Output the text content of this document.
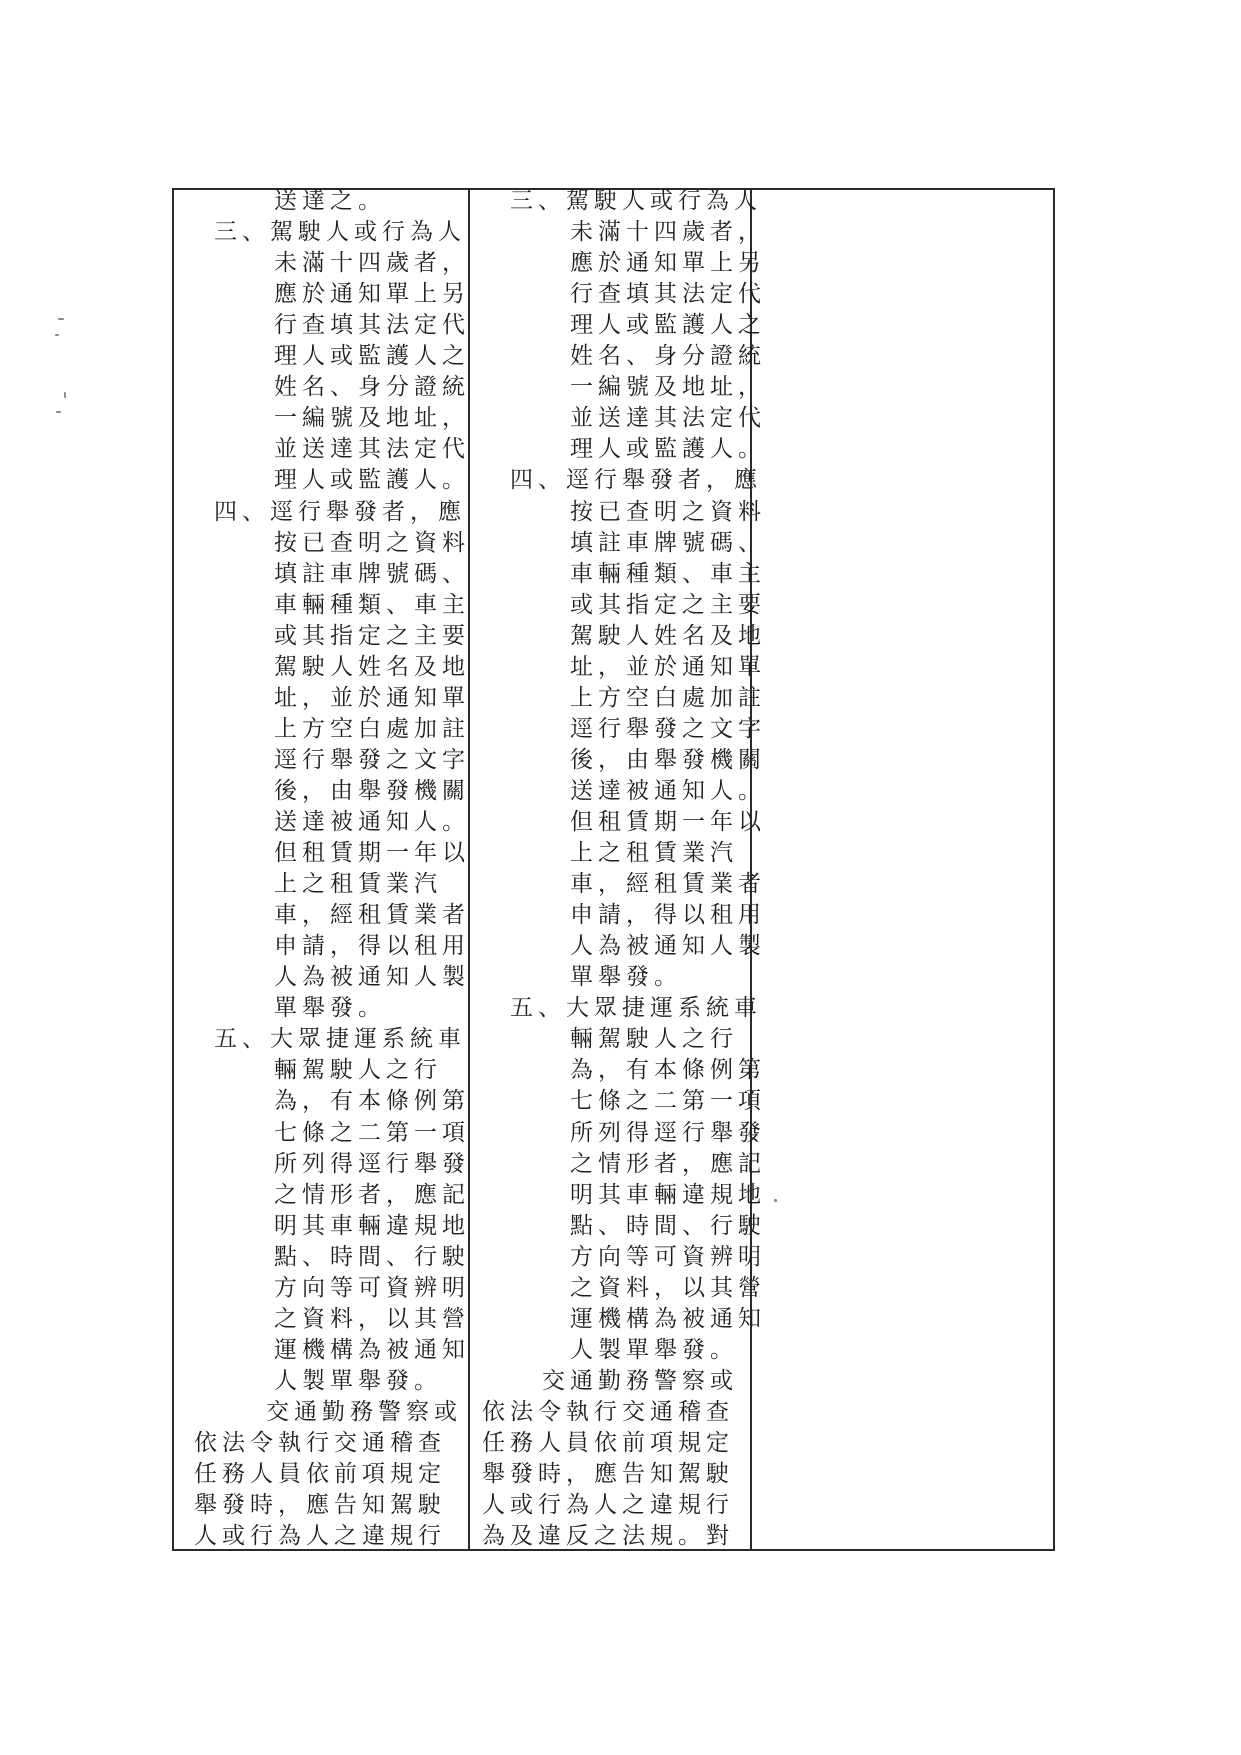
送達之。
三、駕駛人或行為人
未滿十四歲者，
應於通知單上另
行查填其法定代
理人或監護人之
姓名、身分證統
一編號及地址，
並送達其法定代
理人或監護人。
四、逕行舉發者，應
按已查明之資料
填註車牌號碼、
車輛種類、車主
或其指定之主要
駕駛人姓名及地
址，並於通知單
上方空白處加註
逕行舉發之文字
後，由舉發機關
送達被通知人。
但租賃期一年以
上之租賃業汽
車，經租賃業者
申請，得以租用
人為被通知人製
單舉發。
五、大眾捷運系統車
輛駕駛人之行
為，有本條例第
七條之二第一項
所列得逕行舉發
之情形者，應記
明其車輛違規地
點、時間、行駛
方向等可資辨明
之資料，以其營
運機構為被通知
人製單舉發。
交通勤務警察或
依法令執行交通稽查
任務人員依前項規定
舉發時，應告知駕駛
人或行為人之違規行
三、駕駛人或行為人
未滿十四歲者，
應於通知單上另
行查填其法定代
理人或監護人之
姓名、身分證統
一編號及地址，
並送達其法定代
理人或監護人。
四、逕行舉發者，應
按已查明之資料
填註車牌號碼、
車輛種類、車主
或其指定之主要
駕駛人姓名及地
址，並於通知單
上方空白處加註
逕行舉發之文字
後，由舉發機關
送達被通知人。
但租賃期一年以
上之租賃業汽
車，經租賃業者
申請，得以租用
人為被通知人製
單舉發。
五、大眾捷運系統車
輛駕駛人之行
為，有本條例第
七條之二第一項
所列得逕行舉發
之情形者，應記
明其車輛違規地
點、時間、行駛
方向等可資辨明
之資料，以其營
運機構為被通知
人製單舉發。
交通勤務警察或
依法令執行交通稽查
任務人員依前項規定
舉發時，應告知駕駛
人或行為人之違規行
為及違反之法規。對
